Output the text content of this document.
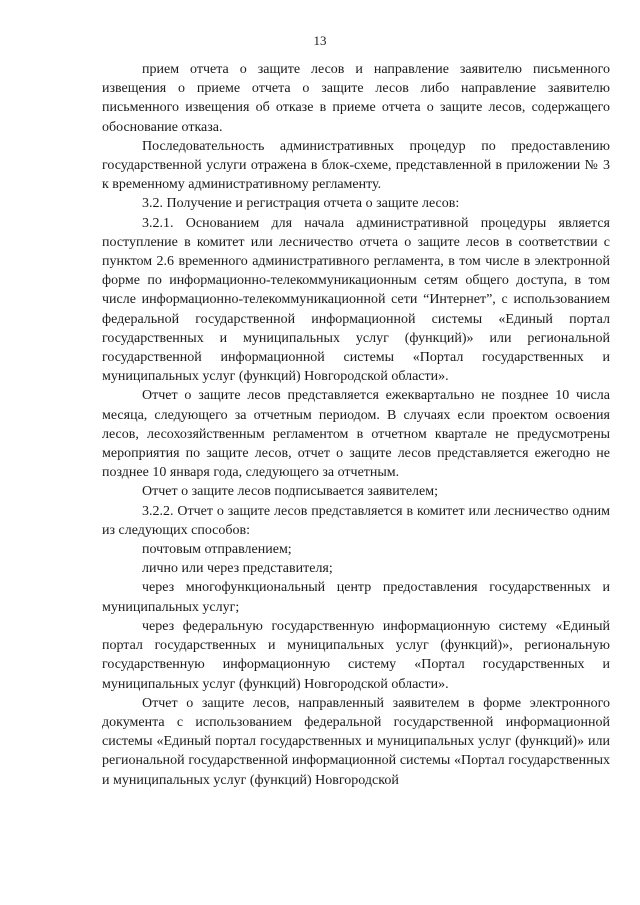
13

прием отчета о защите лесов и направление заявителю письменного извещения о приеме отчета о защите лесов либо направление заявителю письменного извещения об отказе в приеме отчета о защите лесов, содержащего обоснование отказа.

Последовательность административных процедур по предоставлению государственной услуги отражена в блок-схеме, представленной в приложении № 3 к временному административному регламенту.

3.2. Получение и регистрация отчета о защите лесов:

3.2.1. Основанием для начала административной процедуры является поступление в комитет или лесничество отчета о защите лесов в соответствии с пунктом 2.6 временного административного регламента, в том числе в электронной форме по информационно-телекоммуникационным сетям общего доступа, в том числе информационно-телекоммуникационной сети “Интернет”, с использованием федеральной государственной информационной системы «Единый портал государственных и муниципальных услуг (функций)» или региональной государственной информационной системы «Портал государственных и муниципальных услуг (функций) Новгородской области».

Отчет о защите лесов представляется ежеквартально не позднее 10 числа месяца, следующего за отчетным периодом. В случаях если проектом освоения лесов, лесохозяйственным регламентом в отчетном квартале не предусмотрены мероприятия по защите лесов, отчет о защите лесов представляется ежегодно не позднее 10 января года, следующего за отчетным.

Отчет о защите лесов подписывается заявителем;

3.2.2. Отчет о защите лесов представляется в комитет или лесничество одним из следующих способов:

почтовым отправлением;

лично или через представителя;

через многофункциональный центр предоставления государственных и муниципальных услуг;

через федеральную государственную информационную систему «Единый портал государственных и муниципальных услуг (функций)», региональную государственную информационную систему «Портал государственных и муниципальных услуг (функций) Новгородской области».

Отчет о защите лесов, направленный заявителем в форме электронного документа с использованием федеральной государственной информационной системы «Единый портал государственных и муниципальных услуг (функций)» или региональной государственной информационной системы «Портал государственных и муниципальных услуг (функций) Новгородской
